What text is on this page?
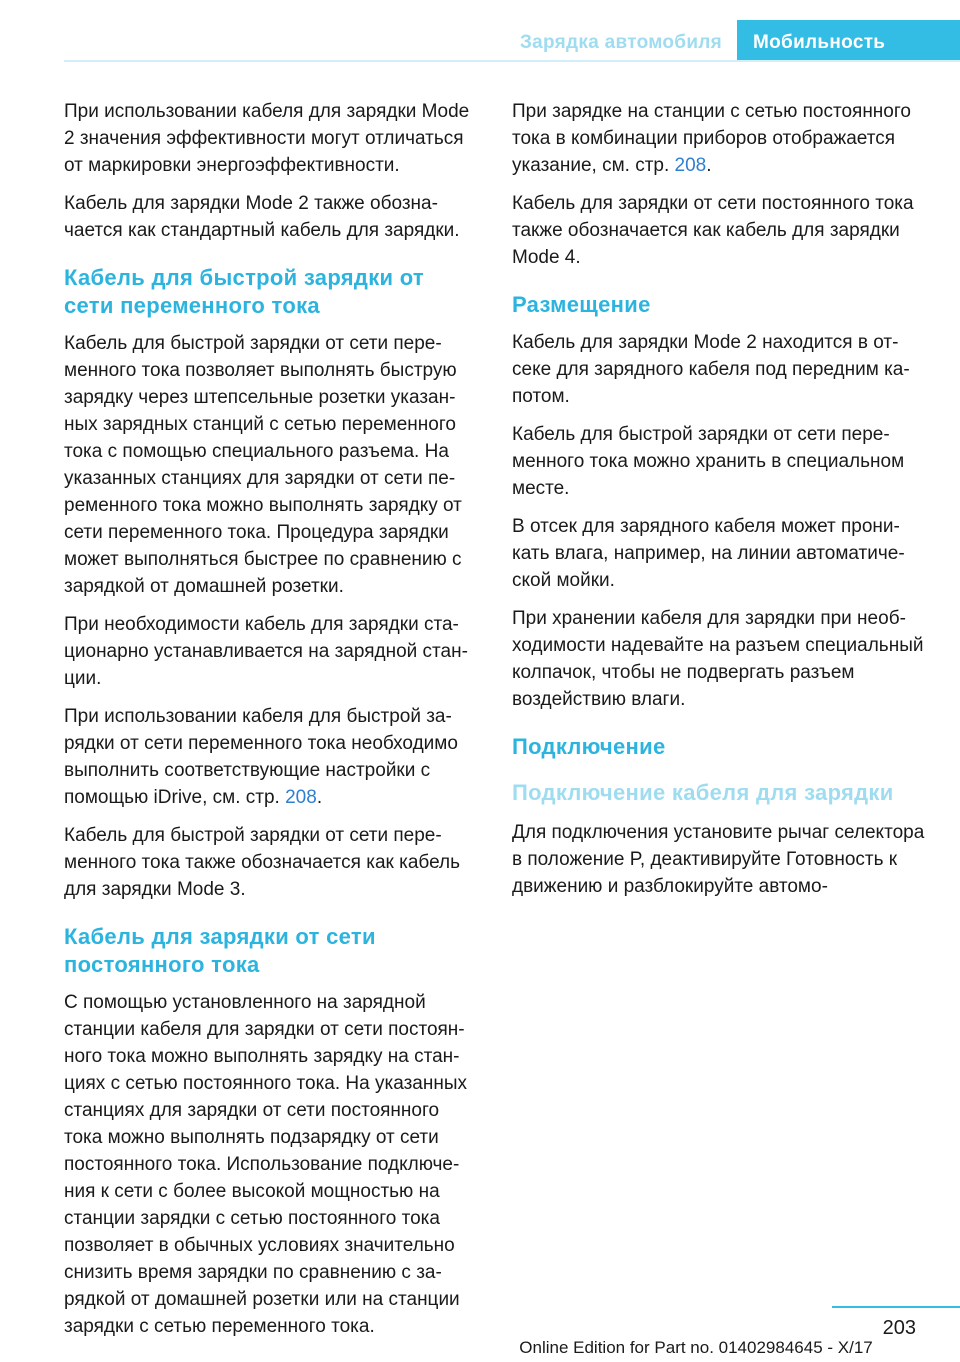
Зарядка автомобиля	Мобильность

При использовании кабеля для зарядки Mode 2 значения эффективности могут отличаться от маркировки энергоэффективности.

Кабель для зарядки Mode 2 также обозначается как стандартный кабель для зарядки.

Кабель для быстрой зарядки от сети переменного тока

Кабель для быстрой зарядки от сети переменного тока позволяет выполнять быструю зарядку через штепсельные розетки указанных зарядных станций с сетью переменного тока с помощью специального разъема. На указанных станциях для зарядки от сети переменного тока можно выполнять зарядку от сети переменного тока. Процедура зарядки может выполняться быстрее по сравнению с зарядкой от домашней розетки.

При необходимости кабель для зарядки стационарно устанавливается на зарядной станции.

При использовании кабеля для быстрой зарядки от сети переменного тока необходимо выполнить соответствующие настройки с помощью iDrive, см. стр. 208.

Кабель для быстрой зарядки от сети переменного тока также обозначается как кабель для зарядки Mode 3.

Кабель для зарядки от сети постоянного тока

С помощью установленного на зарядной станции кабеля для зарядки от сети постоянного тока можно выполнять зарядку на станциях с сетью постоянного тока. На указанных станциях для зарядки от сети постоянного тока можно выполнять подзарядку от сети постоянного тока. Использование подключения к сети с более высокой мощностью на станции зарядки с сетью постоянного тока позволяет в обычных условиях значительно снизить время зарядки по сравнению с зарядкой от домашней розетки или на станции зарядки с сетью переменного тока.

При зарядке на станции с сетью постоянного тока в комбинации приборов отображается указание, см. стр. 208.

Кабель для зарядки от сети постоянного тока также обозначается как кабель для зарядки Mode 4.

Размещение

Кабель для зарядки Mode 2 находится в отсеке для зарядного кабеля под передним капотом.

Кабель для быстрой зарядки от сети переменного тока можно хранить в специальном месте.

В отсек для зарядного кабеля может проникать влага, например, на линии автоматической мойки.

При хранении кабеля для зарядки при необходимости надевайте на разъем специальный колпачок, чтобы не подвергать разъем воздействию влаги.

Подключение
Подключение кабеля для зарядки

Для подключения установите рычаг селектора в положение P, деактивируйте Готовность к движению и разблокируйте автомо-

203
Online Edition for Part no. 01402984645 - X/17
